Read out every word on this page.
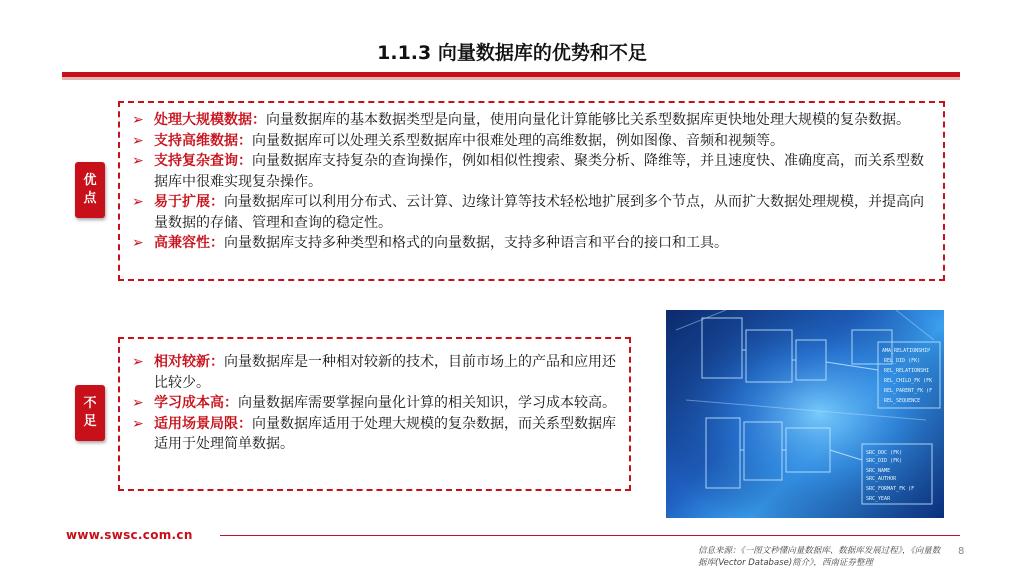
1.1.3 向量数据库的优势和不足
优
点
➢ 处理大规模数据：向量数据库的基本数据类型是向量，使用向量化计算能够比关系型数据库更快地处理大规模的复杂数据。
➢ 支持高维数据：向量数据库可以处理关系型数据库中很难处理的高维数据，例如图像、音频和视频等。
➢ 支持复杂查询：向量数据库支持复杂的查询操作，例如相似性搜索、聚类分析、降维等，并且速度快、准确度高，而关系型数据库中很难实现复杂操作。
➢ 易于扩展：向量数据库可以利用分布式、云计算、边缘计算等技术轻松地扩展到多个节点，从而扩大数据处理规模，并提高向量数据的存储、管理和查询的稳定性。
➢ 高兼容性：向量数据库支持多种类型和格式的向量数据，支持多种语言和平台的接口和工具。
不
足
➢ 相对较新：向量数据库是一种相对较新的技术，目前市场上的产品和应用还比较少。
➢ 学习成本高：向量数据库需要掌握向量化计算的相关知识，学习成本较高。
➢ 适用场景局限：向量数据库适用于处理大规模的复杂数据，而关系型数据库适用于处理简单数据。
AMA_RELATIONSHIP
REL_DID (FK)
REL_RELATIONSHI
REL_CHILD_FK (FK
REL_PARENT_FK (F
REL_SEQUENCE
SRC_DOC (FK)
SRC_DID (FK)
SRC_NAME
SRC_AUTHOR
SRC_FORMAT_FK (F
SRC_YEAR
www.swsc.com.cn
信息来源：《一图文秒懂向量数据库、数据库发展过程》，《向量数据库(Vector Database)简介》，西南证券整理
8
